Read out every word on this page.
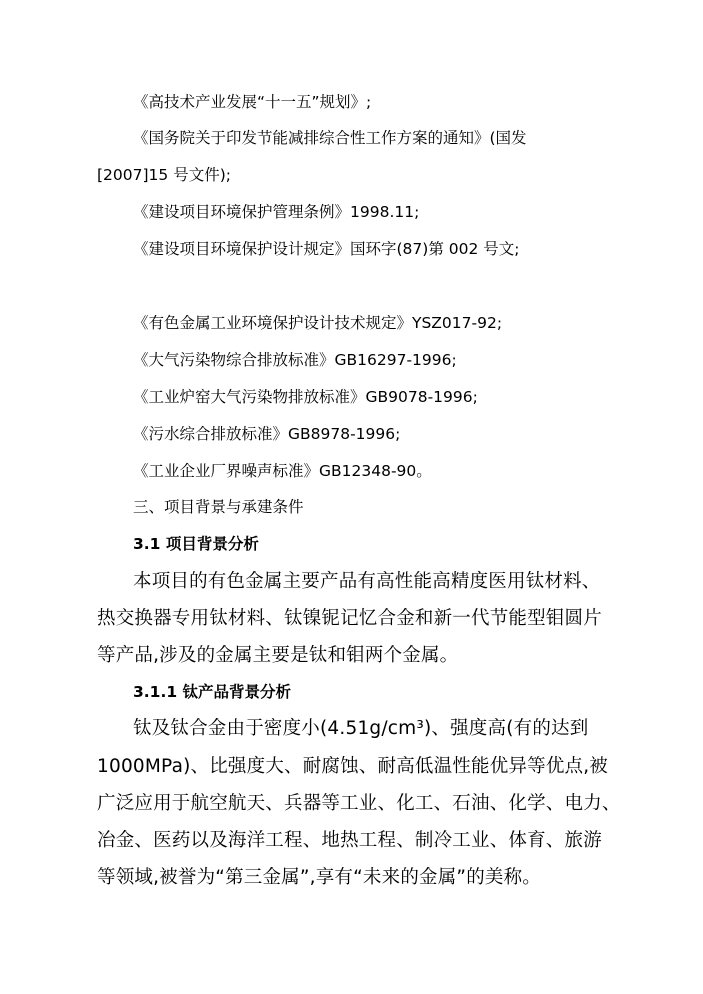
《高技术产业发展“十一五”规划》;
《国务院关于印发节能减排综合性工作方案的通知》(国发
[2007]15 号文件);
《建设项目环境保护管理条例》1998.11;
《建设项目环境保护设计规定》国环字(87)第 002 号文;
《有色金属工业环境保护设计技术规定》YSZ017-92;
《大气污染物综合排放标准》GB16297-1996;
《工业炉窑大气污染物排放标准》GB9078-1996;
《污水综合排放标准》GB8978-1996;
《工业企业厂界噪声标准》GB12348-90。
三、项目背景与承建条件
3.1 项目背景分析
本项目的有色金属主要产品有高性能高精度医用钛材料、
热交换器专用钛材料、钛镍铌记忆合金和新一代节能型钼圆片
等产品,涉及的金属主要是钛和钼两个金属。
3.1.1 钛产品背景分析
钛及钛合金由于密度小(4.51g/cm³)、强度高(有的达到
1000MPa)、比强度大、耐腐蚀、耐高低温性能优异等优点,被
广泛应用于航空航天、兵器等工业、化工、石油、化学、电力、
冶金、医药以及海洋工程、地热工程、制冷工业、体育、旅游
等领域,被誉为“第三金属”,享有“未来的金属”的美称。
